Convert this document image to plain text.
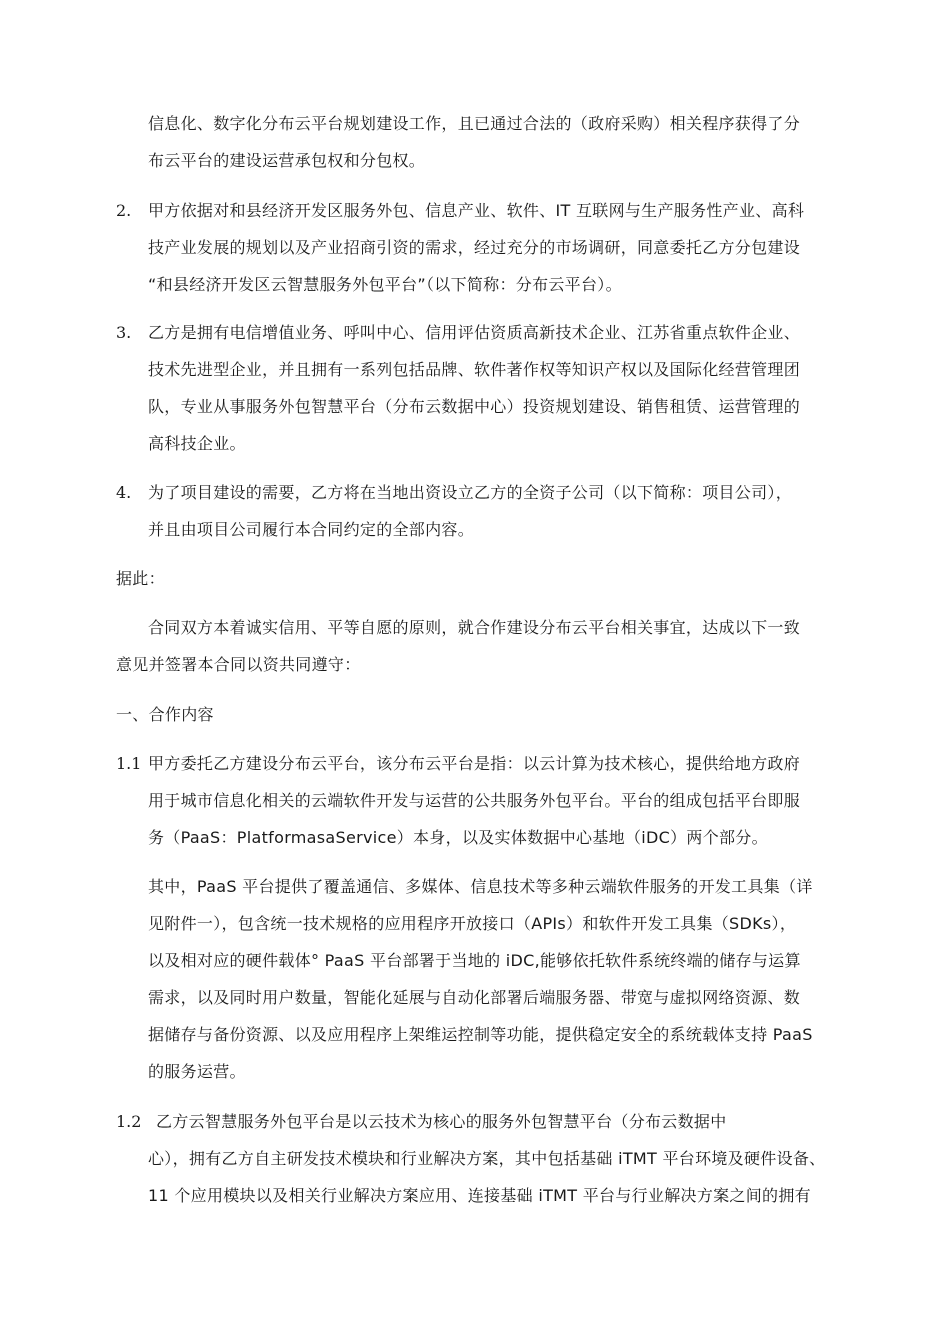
信息化、数字化分布云平台规划建设工作，且已通过合法的（政府采购）相关程序获得了分
布云平台的建设运营承包权和分包权。
2. 甲方依据对和县经济开发区服务外包、信息产业、软件、IT 互联网与生产服务性产业、高科
技产业发展的规划以及产业招商引资的需求，经过充分的市场调研，同意委托乙方分包建设
“和县经济开发区云智慧服务外包平台”（以下简称：分布云平台）。
3. 乙方是拥有电信增值业务、呼叫中心、信用评估资质高新技术企业、江苏省重点软件企业、
技术先进型企业，并且拥有一系列包括品牌、软件著作权等知识产权以及国际化经营管理团
队，专业从事服务外包智慧平台（分布云数据中心）投资规划建设、销售租赁、运营管理的
高科技企业。
4. 为了项目建设的需要，乙方将在当地出资设立乙方的全资子公司（以下简称：项目公司），
并且由项目公司履行本合同约定的全部内容。
据此：
合同双方本着诚实信用、平等自愿的原则，就合作建设分布云平台相关事宜，达成以下一致
意见并签署本合同以资共同遵守：
一、合作内容
1.1 甲方委托乙方建设分布云平台，该分布云平台是指：以云计算为技术核心，提供给地方政府
用于城市信息化相关的云端软件开发与运营的公共服务外包平台。平台的组成包括平台即服
务（PaaS：PlatformasaService）本身，以及实体数据中心基地（iDC）两个部分。
其中，PaaS 平台提供了覆盖通信、多媒体、信息技术等多种云端软件服务的开发工具集（详
见附件一），包含统一技术规格的应用程序开放接口（APIs）和软件开发工具集（SDKs），
以及相对应的硬件载体° PaaS 平台部署于当地的 iDC,能够依托软件系统终端的储存与运算
需求，以及同时用户数量，智能化延展与自动化部署后端服务器、带宽与虚拟网络资源、数
据储存与备份资源、以及应用程序上架维运控制等功能，提供稳定安全的系统载体支持 PaaS
的服务运营。
1.2 乙方云智慧服务外包平台是以云技术为核心的服务外包智慧平台（分布云数据中
心），拥有乙方自主研发技术模块和行业解决方案，其中包括基础 iTMT 平台环境及硬件设备、
11 个应用模块以及相关行业解决方案应用、连接基础 iTMT 平台与行业解决方案之间的拥有
